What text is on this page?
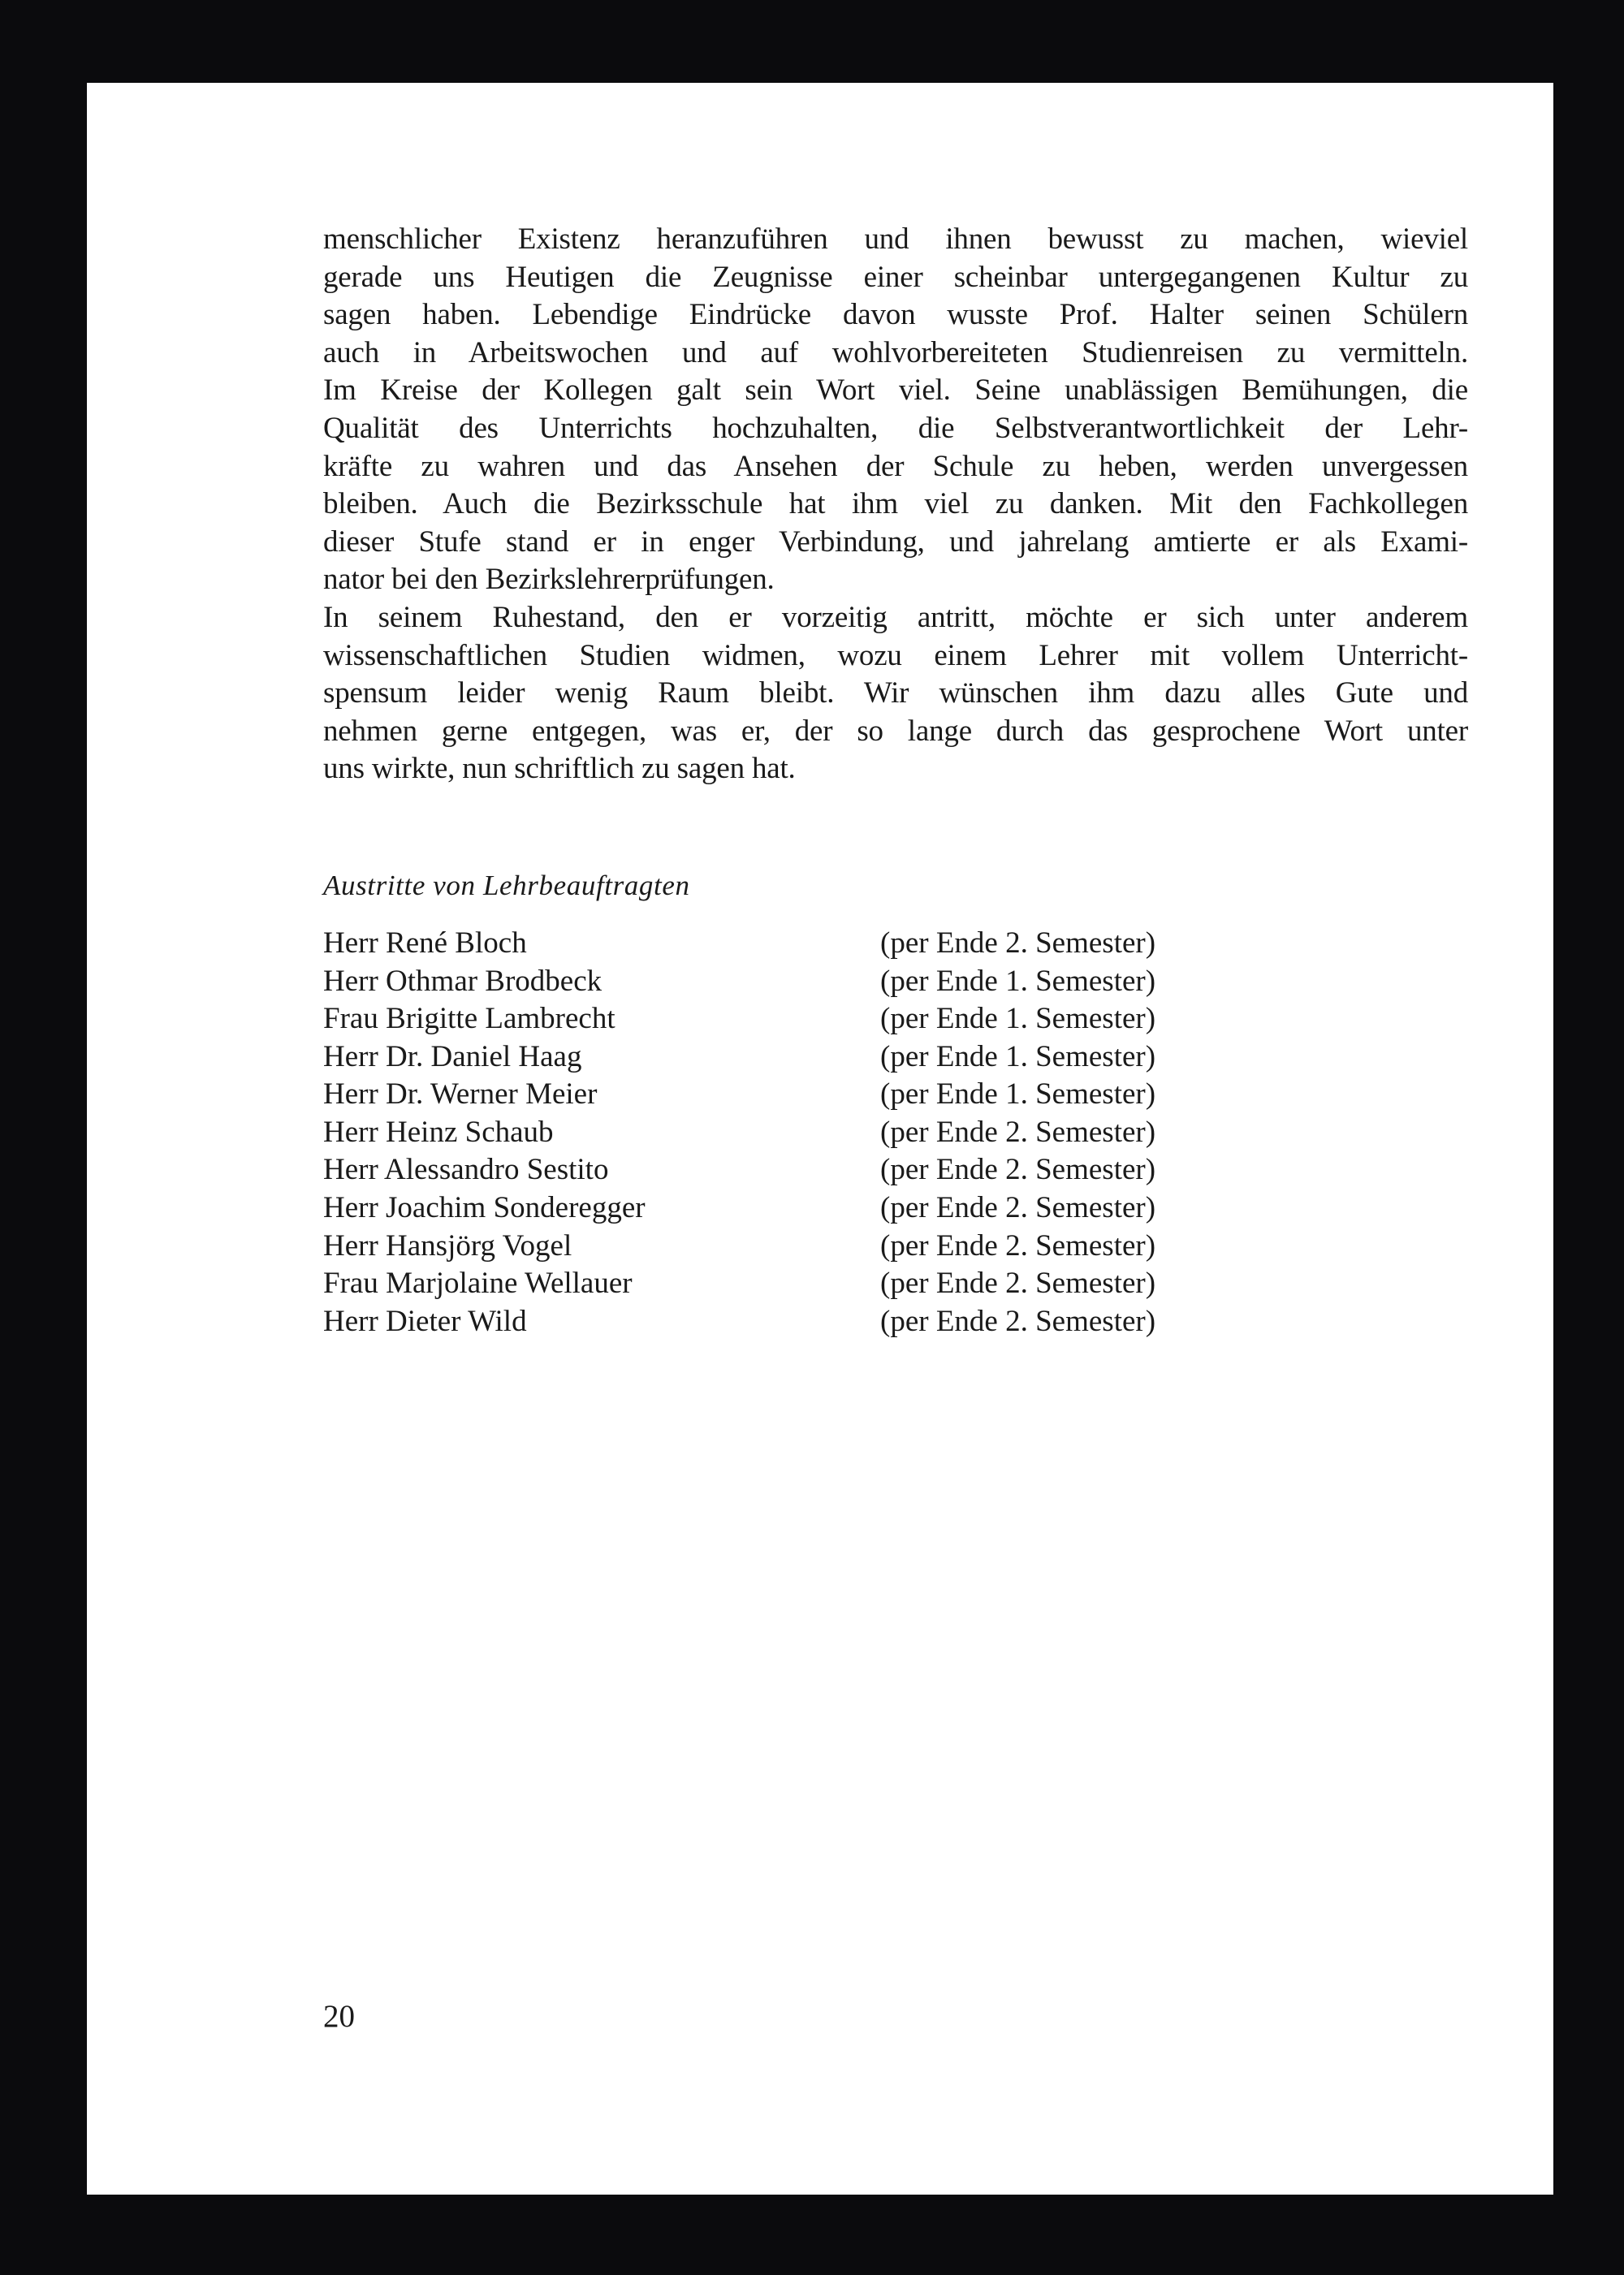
menschlicher Existenz heranzuführen und ihnen bewusst zu machen, wieviel

gerade uns Heutigen die Zeugnisse einer scheinbar untergegangenen Kultur zu

sagen haben. Lebendige Eindrücke davon wusste Prof. Halter seinen Schülern

auch in Arbeitswochen und auf wohlvorbereiteten Studienreisen zu vermitteln.

Im Kreise der Kollegen galt sein Wort viel. Seine unablässigen Bemühungen, die

Qualität des Unterrichts hochzuhalten, die Selbstverantwortlichkeit der Lehr-

kräfte zu wahren und das Ansehen der Schule zu heben, werden unvergessen

bleiben. Auch die Bezirksschule hat ihm viel zu danken. Mit den Fachkollegen

dieser Stufe stand er in enger Verbindung, und jahrelang amtierte er als Exami-

nator bei den Bezirkslehrerprüfungen.

In seinem Ruhestand, den er vorzeitig antritt, möchte er sich unter anderem

wissenschaftlichen Studien widmen, wozu einem Lehrer mit vollem Unterricht-

spensum leider wenig Raum bleibt. Wir wünschen ihm dazu alles Gute und

nehmen gerne entgegen, was er, der so lange durch das gesprochene Wort unter

uns wirkte, nun schriftlich zu sagen hat.

Austritte von Lehrbeauftragten
Herr René Bloch	(per Ende 2. Semester)
Herr Othmar Brodbeck	(per Ende 1. Semester)
Frau Brigitte Lambrecht	(per Ende 1. Semester)
Herr Dr. Daniel Haag	(per Ende 1. Semester)
Herr Dr. Werner Meier	(per Ende 1. Semester)
Herr Heinz Schaub	(per Ende 2. Semester)
Herr Alessandro Sestito	(per Ende 2. Semester)
Herr Joachim Sonderegger	(per Ende 2. Semester)
Herr Hansjörg Vogel	(per Ende 2. Semester)
Frau Marjolaine Wellauer	(per Ende 2. Semester)
Herr Dieter Wild	(per Ende 2. Semester)
20
